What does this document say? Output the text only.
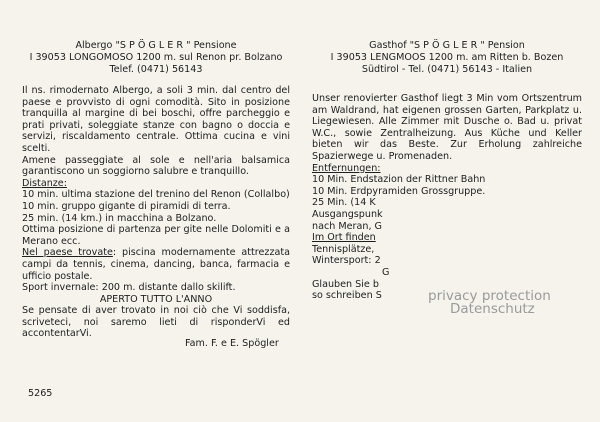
Albergo "S P Ö G L E R " Pensione
I 39053 LONGOMOSO 1200 m. sul Renon pr. Bolzano
Telef. (0471) 56143
Il ns. rimodernato Albergo, a soli 3 min. dal centro del paese e provvisto di ogni comodità. Sito in posizione tranquilla al margine di bei boschi, offre parcheggio e prati privati, soleggiate stanze con bagno o doccia e servizi, riscaldamento centrale. Ottima cucina e vini scelti.
Amene passeggiate al sole e nell'aria balsamica garantiscono un soggiorno salubre e tranquillo.
Distanze:
10 min. ultima stazione del trenino del Renon (Collalbo)
10 min. gruppo gigante di piramidi di terra.
25 min. (14 km.) in macchina a Bolzano.
Ottima posizione di partenza per gite nelle Dolomiti e a Merano ecc.
Nel paese trovate: piscina modernamente attrezzata campi da tennis, cinema, dancing, banca, farmacia e ufficio postale.
Sport invernale: 200 m. distante dallo skilift.
APERTO TUTTO L'ANNO
Se pensate di aver trovato in noi ciò che Vi soddisfa, scriveteci, noi saremo lieti di risponderVi ed accontentarVi.
Fam. F. e E. Spögler
Gasthof "S P Ö G L E R " Pension
I 39053 LENGMOOS 1200 m. am Ritten b. Bozen
Südtirol - Tel. (0471) 56143 - Italien
Unser renovierter Gasthof liegt 3 Min vom Ortszentrum am Waldrand, hat eigenen grossen Garten, Parkplatz u. Liegewiesen. Alle Zimmer mit Dusche o. Bad u. privat W.C., sowie Zentralheizung. Aus Küche und Keller bieten wir das Beste. Zur Erholung zahlreiche Spazierwege u. Promenaden.
Entfernungen:
10 Min. Endstazion der Rittner Bahn
10 Min. Erdpyramiden Grossgruppe.
25 Min. (14 K
Ausgangspunk
nach Meran, G
Im Ort finden
Tennisplätze,
Wintersport: 2
G
Glauben Sie b
so schreiben S	privacy protection
Datenschutz
5265
